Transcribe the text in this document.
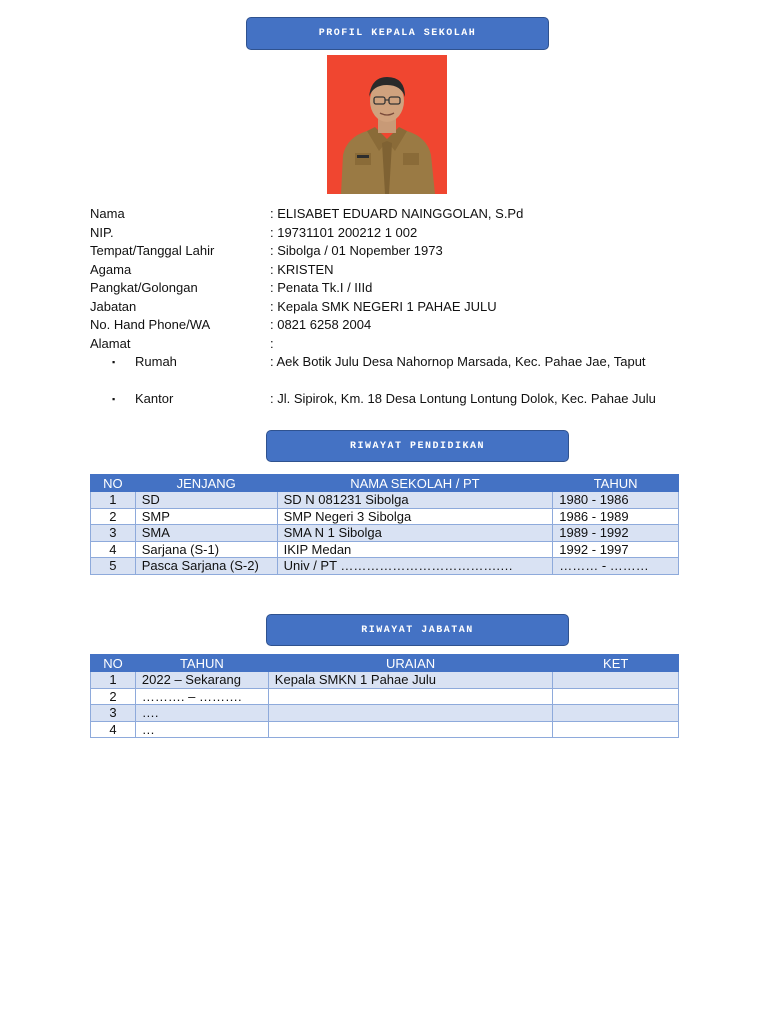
PROFIL KEPALA SEKOLAH
Nama	: ELISABET EDUARD NAINGGOLAN, S.Pd
NIP.	: 19731101 200212 1 002
Tempat/Tanggal Lahir	: Sibolga / 01 Nopember 1973
Agama	: KRISTEN
Pangkat/Golongan	: Penata Tk.I / IIId
Jabatan	: Kepala SMK NEGERI 1 PAHAE JULU
No. Hand Phone/WA	: 0821 6258 2004
Alamat	:
▪ Rumah	: Aek Botik Julu Desa Nahornop Marsada, Kec. Pahae Jae, Taput
▪ Kantor	: Jl. Sipirok, Km. 18 Desa Lontung Lontung Dolok, Kec. Pahae Julu
RIWAYAT PENDIDIKAN
NO	JENJANG	NAMA SEKOLAH / PT	TAHUN
1	SD	SD N 081231 Sibolga	1980 - 1986
2	SMP	SMP Negeri 3 Sibolga	1986 - 1989
3	SMA	SMA N 1 Sibolga	1989 - 1992
4	Sarjana (S-1)	IKIP Medan	1992 - 1997
5	Pasca Sarjana (S-2)	Univ / PT ……………………………….…	……… - ………
RIWAYAT JABATAN
NO	TAHUN	URAIAN	KET
1	2022 – Sekarang	Kepala SMKN 1 Pahae Julu	
2	………. – ……….		
3	….		
4	…		
